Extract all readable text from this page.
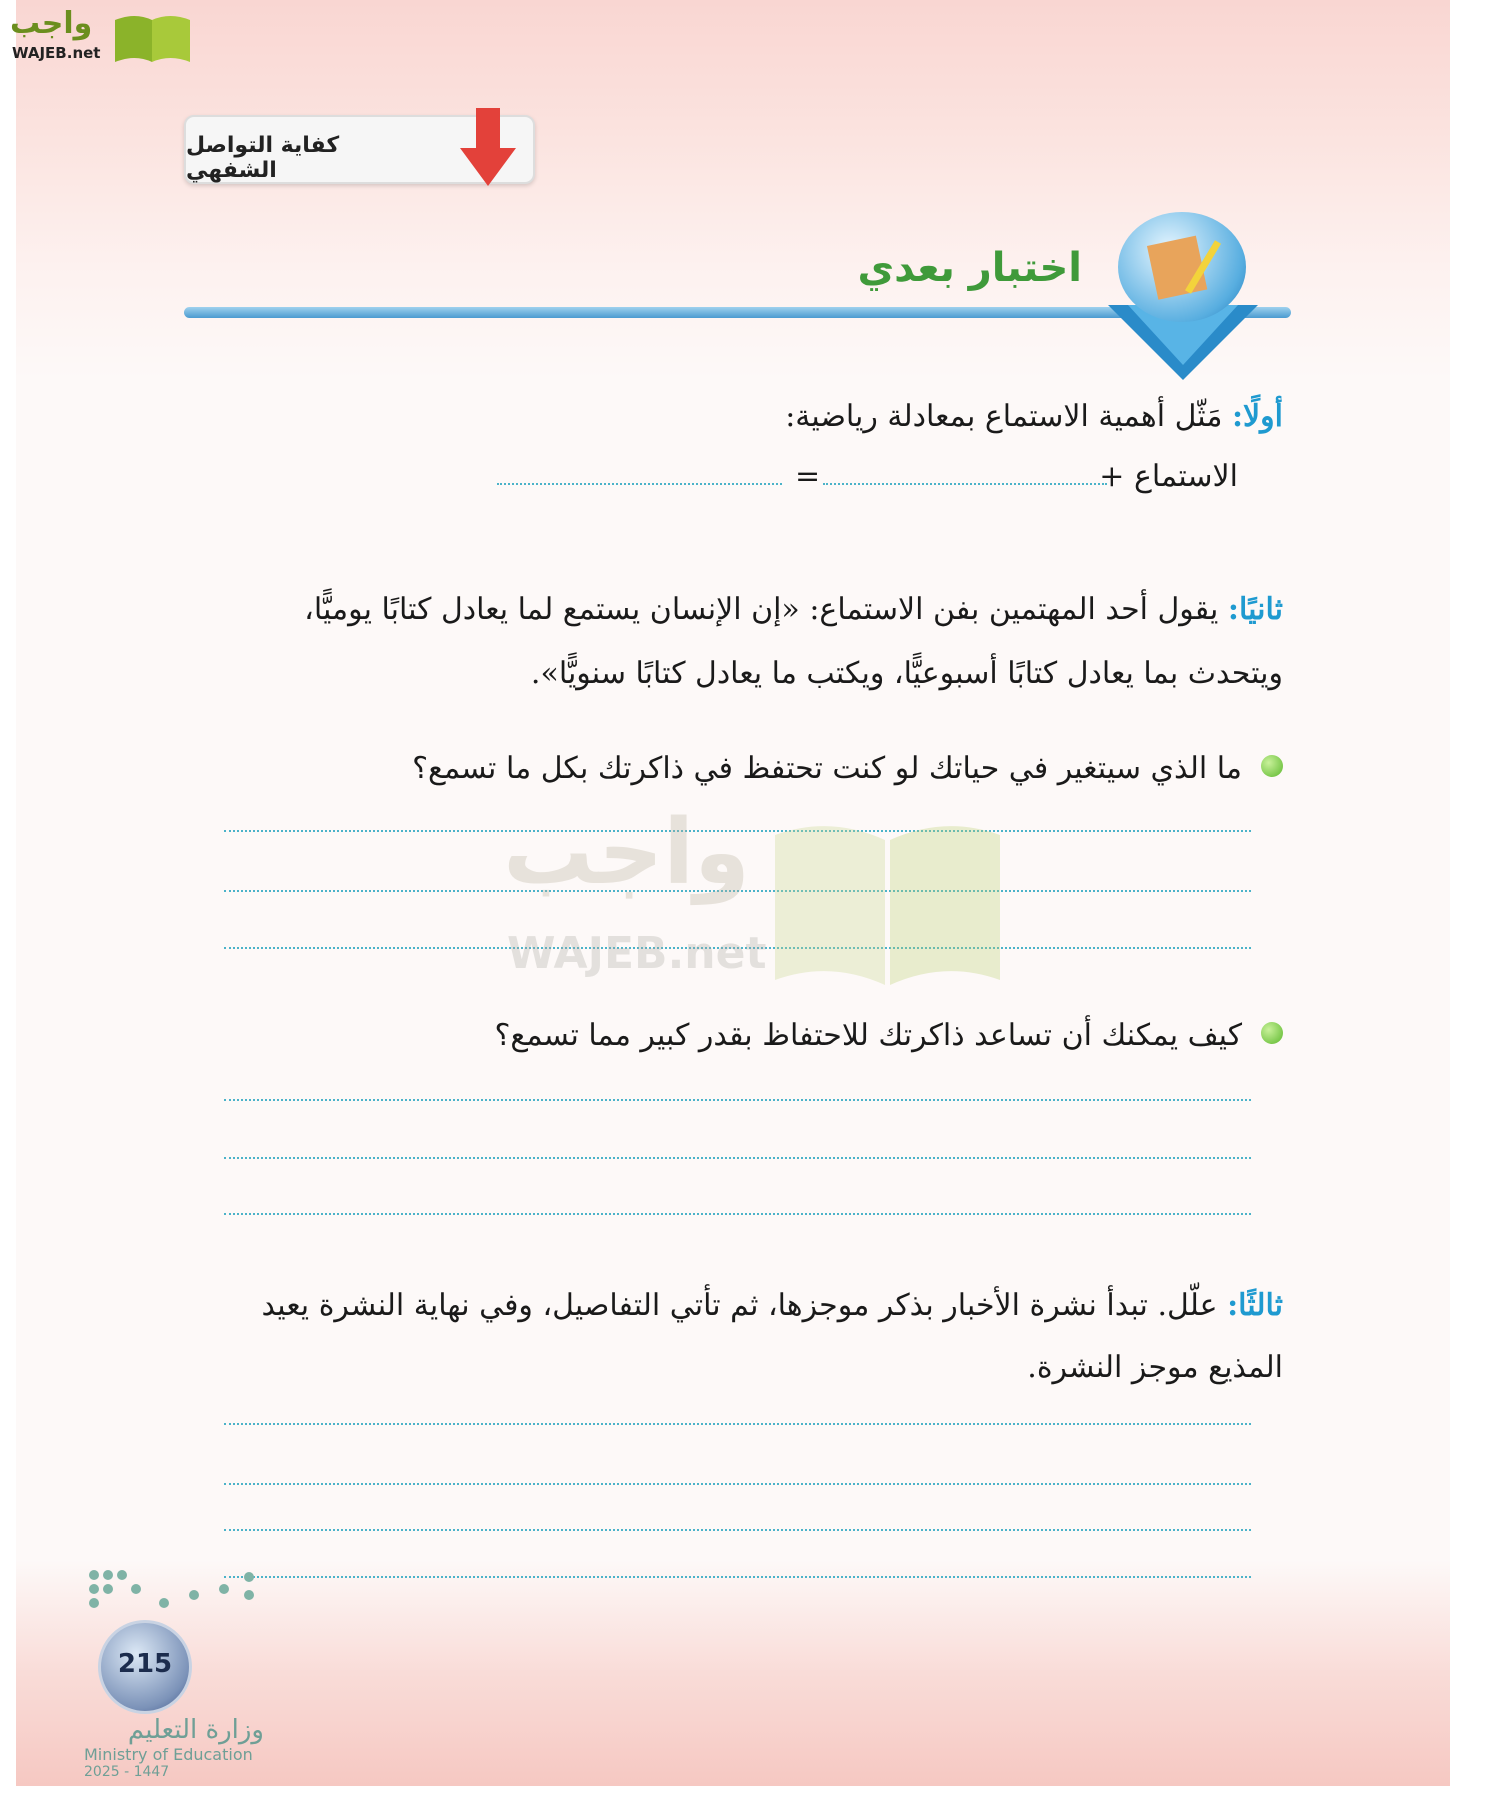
واجب
WAJEB.net
كفاية التواصل الشفهي
اختبار بعدي
أولًا: مَثّل أهمية الاستماع بمعادلة رياضية:
الاستماع +
=
ثانيًا: يقول أحد المهتمين بفن الاستماع: «إن الإنسان يستمع لما يعادل كتابًا يوميًّا، ويتحدث بما يعادل كتابًا أسبوعيًّا، ويكتب ما يعادل كتابًا سنويًّا».
ما الذي سيتغير في حياتك لو كنت تحتفظ في ذاكرتك بكل ما تسمع؟
واجب
WAJEB.net
كيف يمكنك أن تساعد ذاكرتك للاحتفاظ بقدر كبير مما تسمع؟
ثالثًا: علّل. تبدأ نشرة الأخبار بذكر موجزها، ثم تأتي التفاصيل، وفي نهاية النشرة يعيد المذيع موجز النشرة.
215
وزارة التعليم
Ministry of Education
2025 - 1447
